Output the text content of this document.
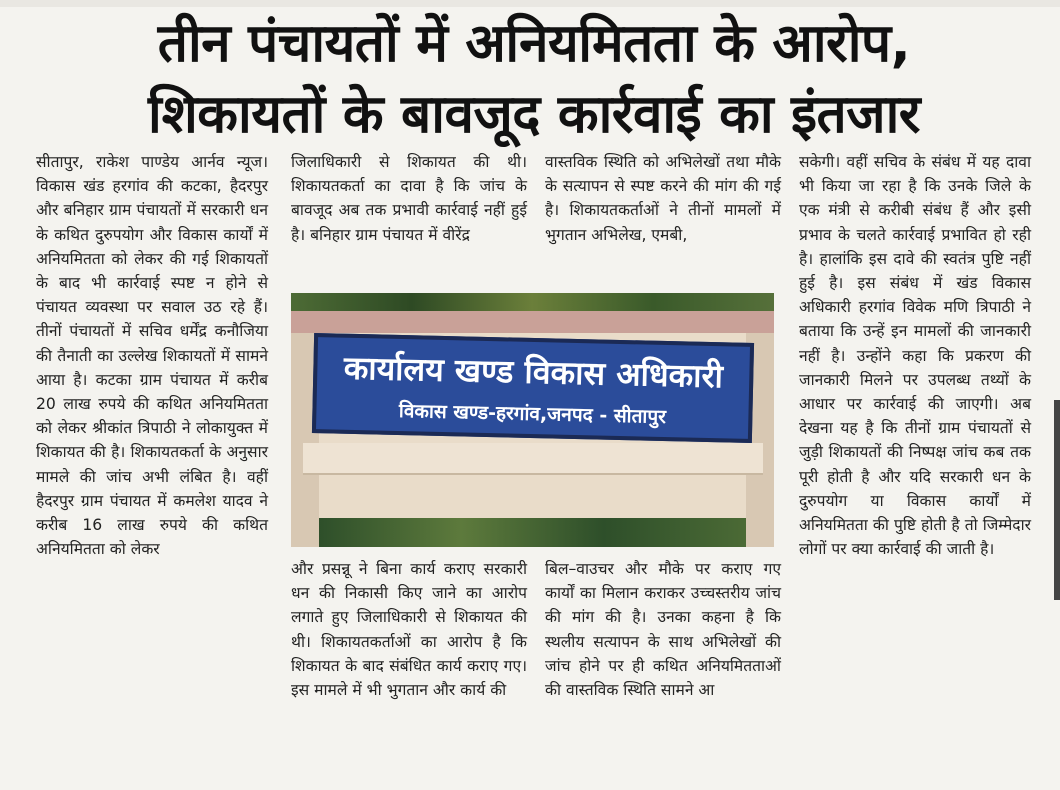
तीन पंचायतों में अनियमितता के आरोप,
शिकायतों के बावजूद कार्रवाई का इंतजार

सीतापुर, राकेश पाण्डेय आर्नव न्यूज। विकास खंड हरगांव की कटका, हैदरपुर और बनिहार ग्राम पंचायतों में सरकारी धन के कथित दुरुपयोग और विकास कार्यों में अनियमितता को लेकर की गई शिकायतों के बाद भी कार्रवाई स्पष्ट न होने से पंचायत व्यवस्था पर सवाल उठ रहे हैं। तीनों पंचायतों में सचिव धर्मेंद्र कनौजिया की तैनाती का उल्लेख शिकायतों में सामने आया है। कटका ग्राम पंचायत में करीब 20 लाख रुपये की कथित अनियमितता को लेकर श्रीकांत त्रिपाठी ने लोकायुक्त में शिकायत की है। शिकायतकर्ता के अनुसार मामले की जांच अभी लंबित है। वहीं हैदरपुर ग्राम पंचायत में कमलेश यादव ने करीब 16 लाख रुपये की कथित अनियमितता को लेकर

जिलाधिकारी से शिकायत की थी। शिकायतकर्ता का दावा है कि जांच के बावजूद अब तक प्रभावी कार्रवाई नहीं हुई है। बनिहार ग्राम पंचायत में वीरेंद्र

वास्तविक स्थिति को अभिलेखों तथा मौके के सत्यापन से स्पष्ट करने की मांग की गई है। शिकायतकर्ताओं ने तीनों मामलों में भुगतान अभिलेख, एमबी,

कार्यालय खण्ड विकास अधिकारी
विकास खण्ड-हरगांव,जनपद - सीतापुर

और प्रसन्नू ने बिना कार्य कराए सरकारी धन की निकासी किए जाने का आरोप लगाते हुए जिलाधिकारी से शिकायत की थी। शिकायतकर्ताओं का आरोप है कि शिकायत के बाद संबंधित कार्य कराए गए। इस मामले में भी भुगतान और कार्य की

बिल–वाउचर और मौके पर कराए गए कार्यों का मिलान कराकर उच्चस्तरीय जांच की मांग की है। उनका कहना है कि स्थलीय सत्यापन के साथ अभिलेखों की जांच होने पर ही कथित अनियमितताओं की वास्तविक स्थिति सामने आ

सकेगी। वहीं सचिव के संबंध में यह दावा भी किया जा रहा है कि उनके जिले के एक मंत्री से करीबी संबंध हैं और इसी प्रभाव के चलते कार्रवाई प्रभावित हो रही है। हालांकि इस दावे की स्वतंत्र पुष्टि नहीं हुई है। इस संबंध में खंड विकास अधिकारी हरगांव विवेक मणि त्रिपाठी ने बताया कि उन्हें इन मामलों की जानकारी नहीं है। उन्होंने कहा कि प्रकरण की जानकारी मिलने पर उपलब्ध तथ्यों के आधार पर कार्रवाई की जाएगी। अब देखना यह है कि तीनों ग्राम पंचायतों से जुड़ी शिकायतों की निष्पक्ष जांच कब तक पूरी होती है और यदि सरकारी धन के दुरुपयोग या विकास कार्यों में अनियमितता की पुष्टि होती है तो जिम्मेदार लोगों पर क्या कार्रवाई की जाती है।
